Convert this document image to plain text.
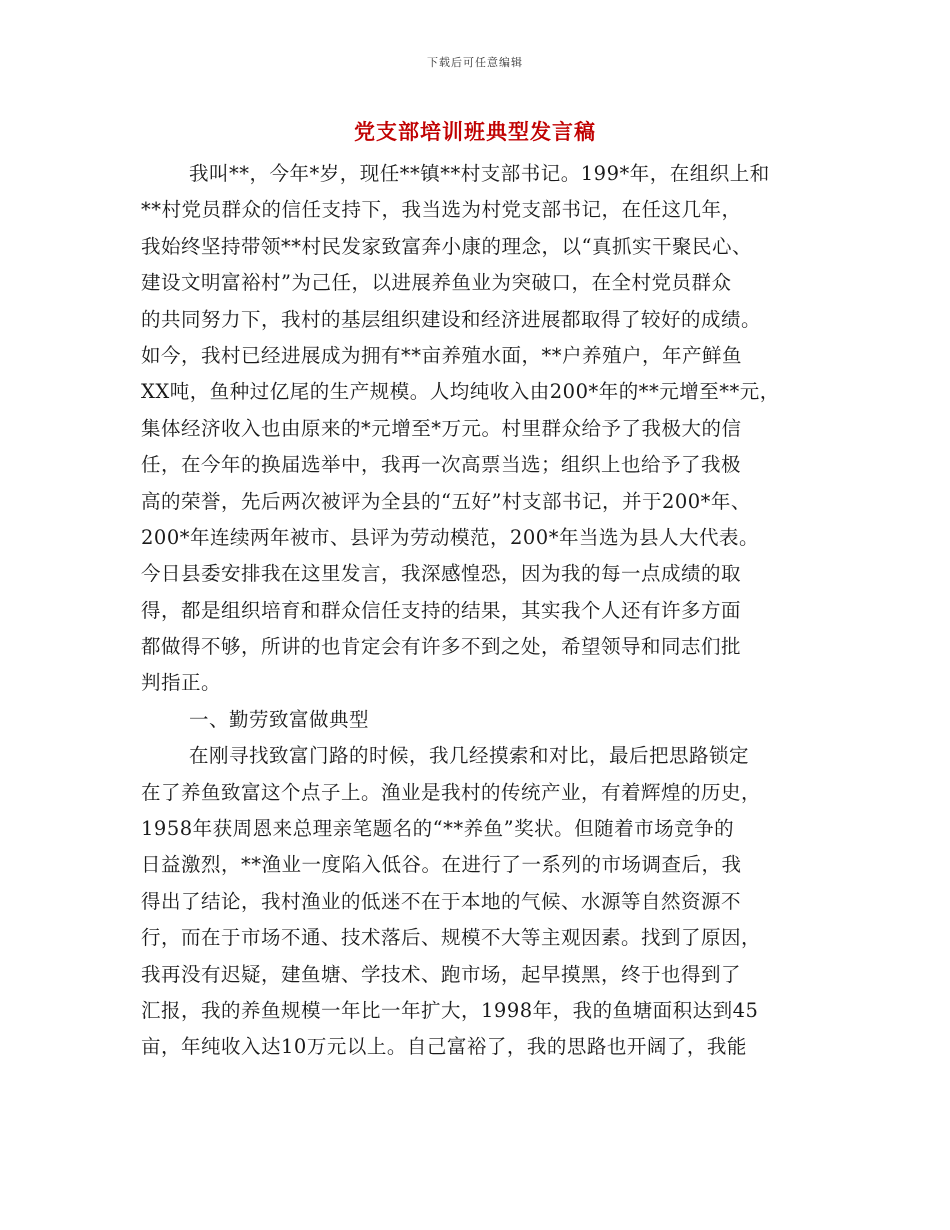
下载后可任意编辑
党支部培训班典型发言稿
我叫**，今年*岁，现任**镇**村支部书记。199*年，在组织上和
**村党员群众的信任支持下，我当选为村党支部书记，在任这几年，
我始终坚持带领**村民发家致富奔小康的理念，以“真抓实干聚民心、
建设文明富裕村”为己任，以进展养鱼业为突破口，在全村党员群众
的共同努力下，我村的基层组织建设和经济进展都取得了较好的成绩。
如今，我村已经进展成为拥有**亩养殖水面，**户养殖户，年产鲜鱼
XX吨，鱼种过亿尾的生产规模。人均纯收入由200*年的**元增至**元，
集体经济收入也由原来的*元增至*万元。村里群众给予了我极大的信
任，在今年的换届选举中，我再一次高票当选；组织上也给予了我极
高的荣誉，先后两次被评为全县的“五好”村支部书记，并于200*年、
200*年连续两年被市、县评为劳动模范，200*年当选为县人大代表。
今日县委安排我在这里发言，我深感惶恐，因为我的每一点成绩的取
得，都是组织培育和群众信任支持的结果，其实我个人还有许多方面
都做得不够，所讲的也肯定会有许多不到之处，希望领导和同志们批
判指正。
一、勤劳致富做典型
在刚寻找致富门路的时候，我几经摸索和对比，最后把思路锁定
在了养鱼致富这个点子上。渔业是我村的传统产业，有着辉煌的历史，
1958年获周恩来总理亲笔题名的“**养鱼”奖状。但随着市场竞争的
日益激烈，**渔业一度陷入低谷。在进行了一系列的市场调查后，我
得出了结论，我村渔业的低迷不在于本地的气候、水源等自然资源不
行，而在于市场不通、技术落后、规模不大等主观因素。找到了原因，
我再没有迟疑，建鱼塘、学技术、跑市场，起早摸黑，终于也得到了
汇报，我的养鱼规模一年比一年扩大，1998年，我的鱼塘面积达到45
亩，年纯收入达10万元以上。自己富裕了，我的思路也开阔了，我能
